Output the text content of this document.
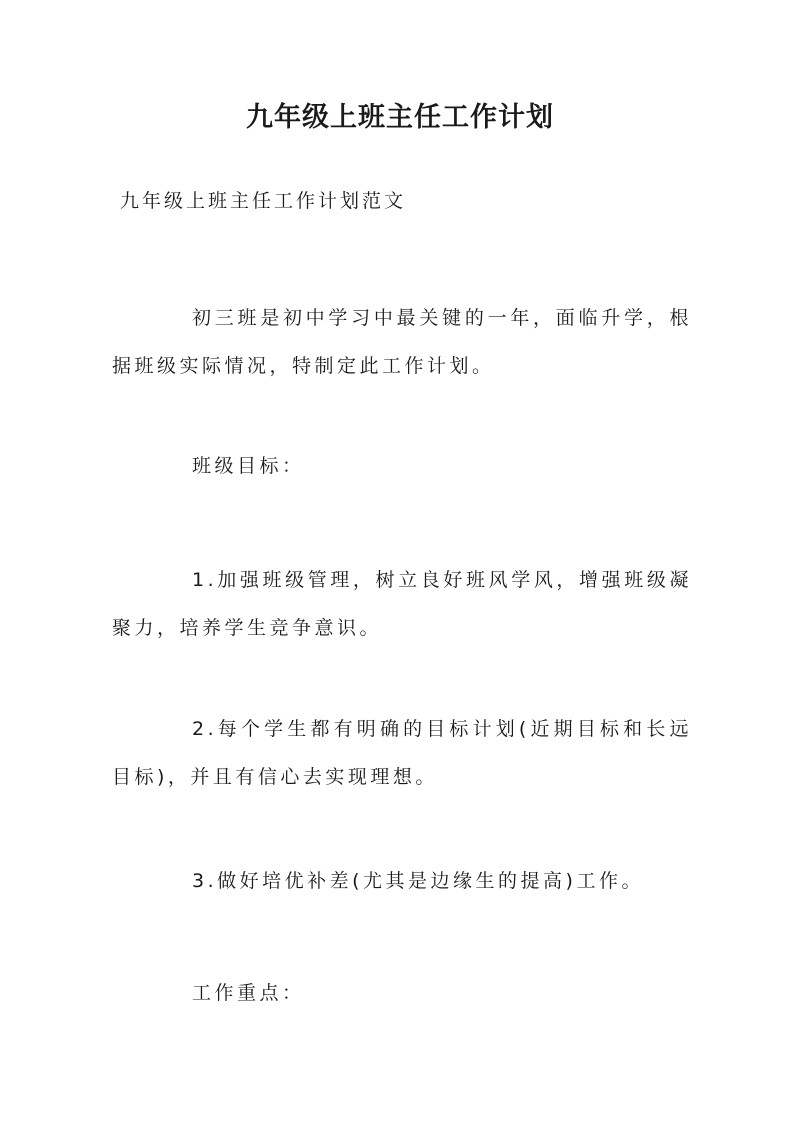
九年级上班主任工作计划

九年级上班主任工作计划范文

初三班是初中学习中最关键的一年，面临升学，根据班级实际情况，特制定此工作计划。

班级目标：

1.加强班级管理，树立良好班风学风，增强班级凝聚力，培养学生竞争意识。

2.每个学生都有明确的目标计划(近期目标和长远目标)，并且有信心去实现理想。

3.做好培优补差(尤其是边缘生的提高)工作。

工作重点：
